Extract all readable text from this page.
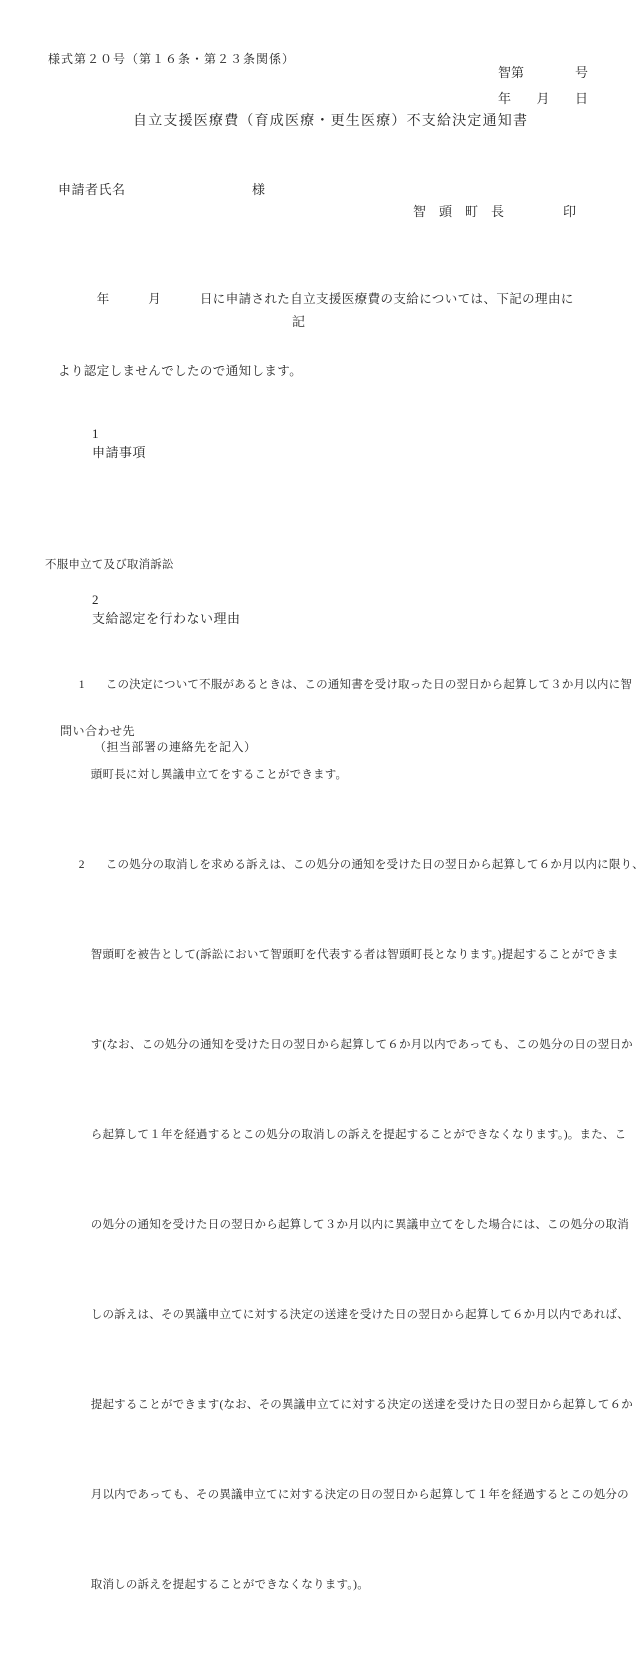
様式第２０号（第１６条・第２３条関係）
智第	号
年 月 日
自立支援医療費（育成医療・更生医療）不支給決定通知書
申請者氏名	様
智　頭　町　長	印

　　　年　　　月　　　日に申請された自立支援医療費の支給については、下記の理由に

より認定しませんでしたので通知します。

記

1
申請事項

2
支給認定を行わない理由

不服申立て及び取消訴訟

1 この決定について不服があるときは、この通知書を受け取った日の翌日から起算して３か月以内に智

頭町長に対し異議申立てをすることができます。

2 この処分の取消しを求める訴えは、この処分の通知を受けた日の翌日から起算して６か月以内に限り、

智頭町を被告として(訴訟において智頭町を代表する者は智頭町長となります。)提起することができま

す(なお、この処分の通知を受けた日の翌日から起算して６か月以内であっても、この処分の日の翌日か

ら起算して１年を経過するとこの処分の取消しの訴えを提起することができなくなります。)。また、こ

の処分の通知を受けた日の翌日から起算して３か月以内に異議申立てをした場合には、この処分の取消

しの訴えは、その異議申立てに対する決定の送達を受けた日の翌日から起算して６か月以内であれば、

提起することができます(なお、その異議申立てに対する決定の送達を受けた日の翌日から起算して６か

月以内であっても、その異議申立てに対する決定の日の翌日から起算して１年を経過するとこの処分の

取消しの訴えを提起することができなくなります。)。

問い合わせ先
（担当部署の連絡先を記入）
